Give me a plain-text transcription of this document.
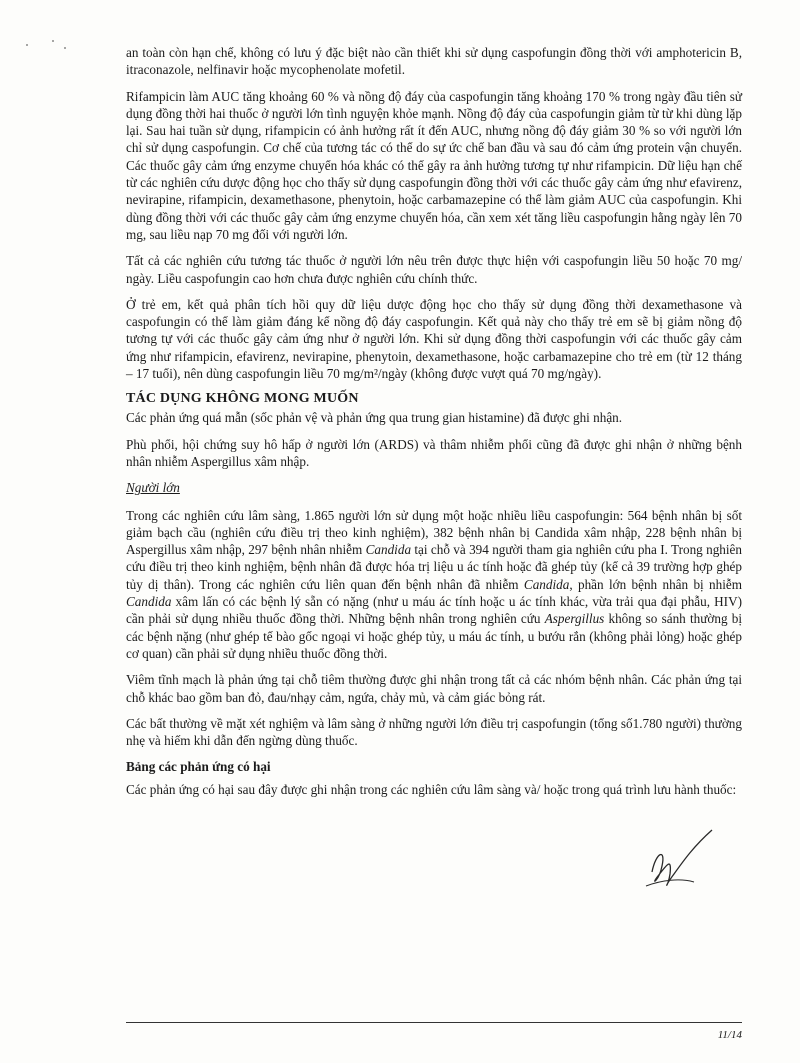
an toàn còn hạn chế, không có lưu ý đặc biệt nào cần thiết khi sử dụng caspofungin đồng thời với amphotericin B, itraconazole, nelfinavir hoặc mycophenolate mofetil.

Rifampicin làm AUC tăng khoảng 60 % và nồng độ đáy của caspofungin tăng khoảng 170 % trong ngày đầu tiên sử dụng đồng thời hai thuốc ở người lớn tình nguyện khỏe mạnh. Nồng độ đáy của caspofungin giảm từ từ khi dùng lặp lại. Sau hai tuần sử dụng, rifampicin có ảnh hưởng rất ít đến AUC, nhưng nồng độ đáy giảm 30 % so với người lớn chỉ sử dụng caspofungin. Cơ chế của tương tác có thể do sự ức chế ban đầu và sau đó cảm ứng protein vận chuyển. Các thuốc gây cảm ứng enzyme chuyển hóa khác có thể gây ra ảnh hưởng tương tự như rifampicin. Dữ liệu hạn chế từ các nghiên cứu dược động học cho thấy sử dụng caspofungin đồng thời với các thuốc gây cảm ứng như efavirenz, nevirapine, rifampicin, dexamethasone, phenytoin, hoặc carbamazepine có thể làm giảm AUC của caspofungin. Khi dùng đồng thời với các thuốc gây cảm ứng enzyme chuyển hóa, cần xem xét tăng liều caspofungin hằng ngày lên 70 mg, sau liều nạp 70 mg đối với người lớn.

Tất cả các nghiên cứu tương tác thuốc ở người lớn nêu trên được thực hiện với caspofungin liều 50 hoặc 70 mg/ ngày. Liều caspofungin cao hơn chưa được nghiên cứu chính thức.

Ở trẻ em, kết quả phân tích hồi quy dữ liệu dược động học cho thấy sử dụng đồng thời dexamethasone và caspofungin có thể làm giảm đáng kể nồng độ đáy caspofungin. Kết quả này cho thấy trẻ em sẽ bị giảm nồng độ tương tự với các thuốc gây cảm ứng như ở người lớn. Khi sử dụng đồng thời caspofungin với các thuốc gây cảm ứng như rifampicin, efavirenz, nevirapine, phenytoin, dexamethasone, hoặc carbamazepine cho trẻ em (từ 12 tháng – 17 tuổi), nên dùng caspofungin liều 70 mg/m²/ngày (không được vượt quá 70 mg/ngày).

TÁC DỤNG KHÔNG MONG MUỐN

Các phản ứng quá mẫn (sốc phản vệ và phản ứng qua trung gian histamine) đã được ghi nhận.

Phù phổi, hội chứng suy hô hấp ở người lớn (ARDS) và thâm nhiễm phổi cũng đã được ghi nhận ở những bệnh nhân nhiễm Aspergillus xâm nhập.

Người lớn

Trong các nghiên cứu lâm sàng, 1.865 người lớn sử dụng một hoặc nhiều liều caspofungin: 564 bệnh nhân bị sốt giảm bạch cầu (nghiên cứu điều trị theo kinh nghiệm), 382 bệnh nhân bị Candida xâm nhập, 228 bệnh nhân bị Aspergillus xâm nhập, 297 bệnh nhân nhiễm Candida tại chỗ và 394 người tham gia nghiên cứu pha I. Trong nghiên cứu điều trị theo kinh nghiệm, bệnh nhân đã được hóa trị liệu u ác tính hoặc đã ghép tủy (kể cả 39 trường hợp ghép tủy dị thân). Trong các nghiên cứu liên quan đến bệnh nhân đã nhiễm Candida, phần lớn bệnh nhân bị nhiễm Candida xâm lấn có các bệnh lý sẵn có nặng (như u máu ác tính hoặc u ác tính khác, vừa trải qua đại phẫu, HIV) cần phải sử dụng nhiều thuốc đồng thời. Những bệnh nhân trong nghiên cứu Aspergillus không so sánh thường bị các bệnh nặng (như ghép tế bào gốc ngoại vi hoặc ghép tủy, u máu ác tính, u bướu rắn (không phải lỏng) hoặc ghép cơ quan) cần phải sử dụng nhiều thuốc đồng thời.

Viêm tĩnh mạch là phản ứng tại chỗ tiêm thường được ghi nhận trong tất cả các nhóm bệnh nhân. Các phản ứng tại chỗ khác bao gồm ban đỏ, đau/nhạy cảm, ngứa, chảy mủ, và cảm giác bỏng rát.

Các bất thường về mặt xét nghiệm và lâm sàng ở những người lớn điều trị caspofungin (tổng số1.780 người) thường nhẹ và hiếm khi dẫn đến ngừng dùng thuốc.

Bảng các phản ứng có hại

Các phản ứng có hại sau đây được ghi nhận trong các nghiên cứu lâm sàng và/ hoặc trong quá trình lưu hành thuốc:

11/14
